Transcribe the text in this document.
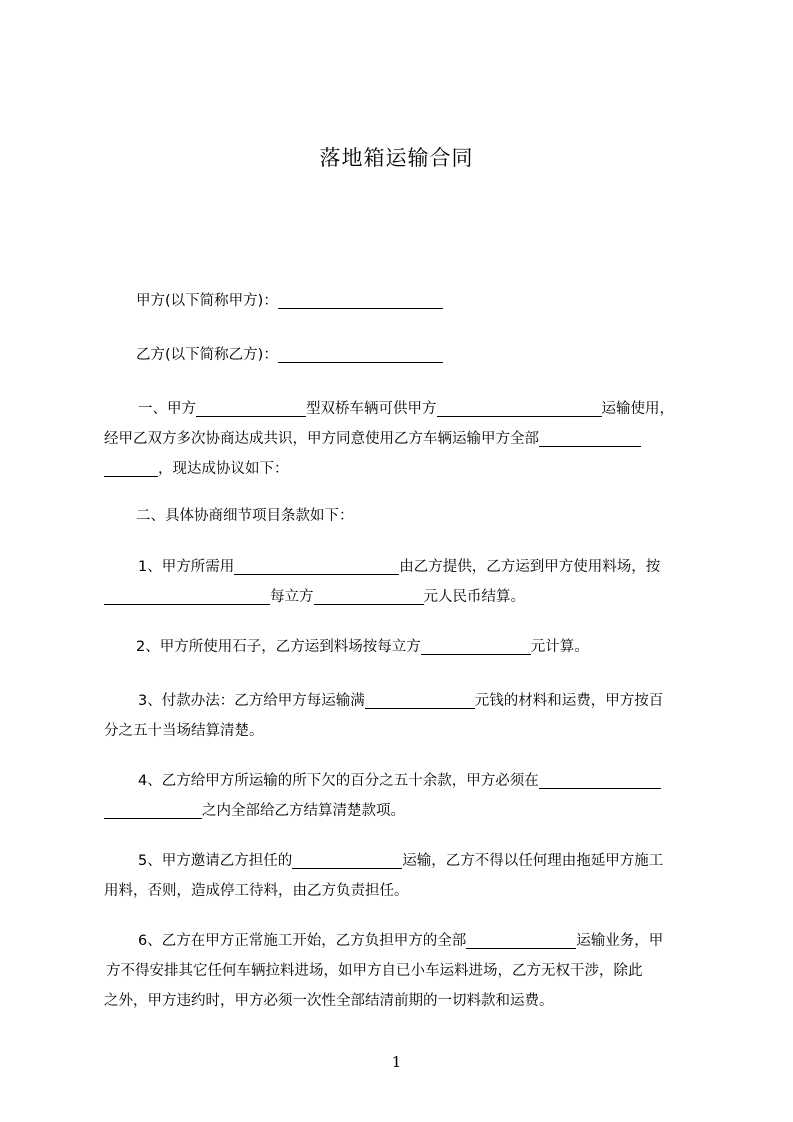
落地箱运输合同
甲方(以下简称甲方)：
乙方(以下简称乙方)：
一、甲方	型双桥车辆可供甲方	运输使用，
经甲乙双方多次协商达成共识，甲方同意使用乙方车辆运输甲方全部
，现达成协议如下：
二、具体协商细节项目条款如下：
1、甲方所需用	由乙方提供，乙方运到甲方使用料场，按
每立方	元人民币结算。
2、甲方所使用石子，乙方运到料场按每立方	元计算。
3、付款办法：乙方给甲方每运输满	元钱的材料和运费，甲方按百
分之五十当场结算清楚。
4、乙方给甲方所运输的所下欠的百分之五十余款，甲方必须在
之内全部给乙方结算清楚款项。
5、甲方邀请乙方担任的	运输，乙方不得以任何理由拖延甲方施工
用料，否则，造成停工待料，由乙方负责担任。
6、乙方在甲方正常施工开始，乙方负担甲方的全部	运输业务，甲
方不得安排其它任何车辆拉料进场，如甲方自已小车运料进场，乙方无权干涉，除此
之外，甲方违约时，甲方必须一次性全部结清前期的一切料款和运费。
1
